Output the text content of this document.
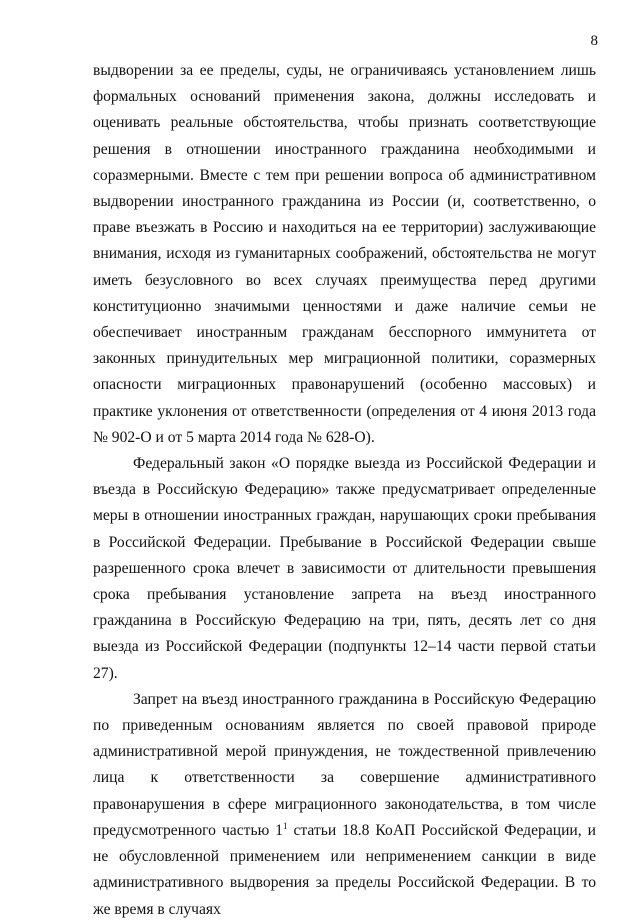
8

выдворении за ее пределы, суды, не ограничиваясь установлением лишь формальных оснований применения закона, должны исследовать и оценивать реальные обстоятельства, чтобы признать соответствующие решения в отношении иностранного гражданина необходимыми и соразмерными. Вместе с тем при решении вопроса об административном выдворении иностранного гражданина из России (и, соответственно, о праве въезжать в Россию и находиться на ее территории) заслуживающие внимания, исходя из гуманитарных соображений, обстоятельства не могут иметь безусловного во всех случаях преимущества перед другими конституционно значимыми ценностями и даже наличие семьи не обеспечивает иностранным гражданам бесспорного иммунитета от законных принудительных мер миграционной политики, соразмерных опасности миграционных правонарушений (особенно массовых) и практике уклонения от ответственности (определения от 4 июня 2013 года № 902-О и от 5 марта 2014 года № 628-О).

Федеральный закон «О порядке выезда из Российской Федерации и въезда в Российскую Федерацию» также предусматривает определенные меры в отношении иностранных граждан, нарушающих сроки пребывания в Российской Федерации. Пребывание в Российской Федерации свыше разрешенного срока влечет в зависимости от длительности превышения срока пребывания установление запрета на въезд иностранного гражданина в Российскую Федерацию на три, пять, десять лет со дня выезда из Российской Федерации (подпункты 12–14 части первой статьи 27).

Запрет на въезд иностранного гражданина в Российскую Федерацию по приведенным основаниям является по своей правовой природе административной мерой принуждения, не тождественной привлечению лица к ответственности за совершение административного правонарушения в сфере миграционного законодательства, в том числе предусмотренного частью $1^1$ статьи 18.8 КоАП Российской Федерации, и не обусловленной применением или неприменением санкции в виде административного выдворения за пределы Российской Федерации. В то же время в случаях
